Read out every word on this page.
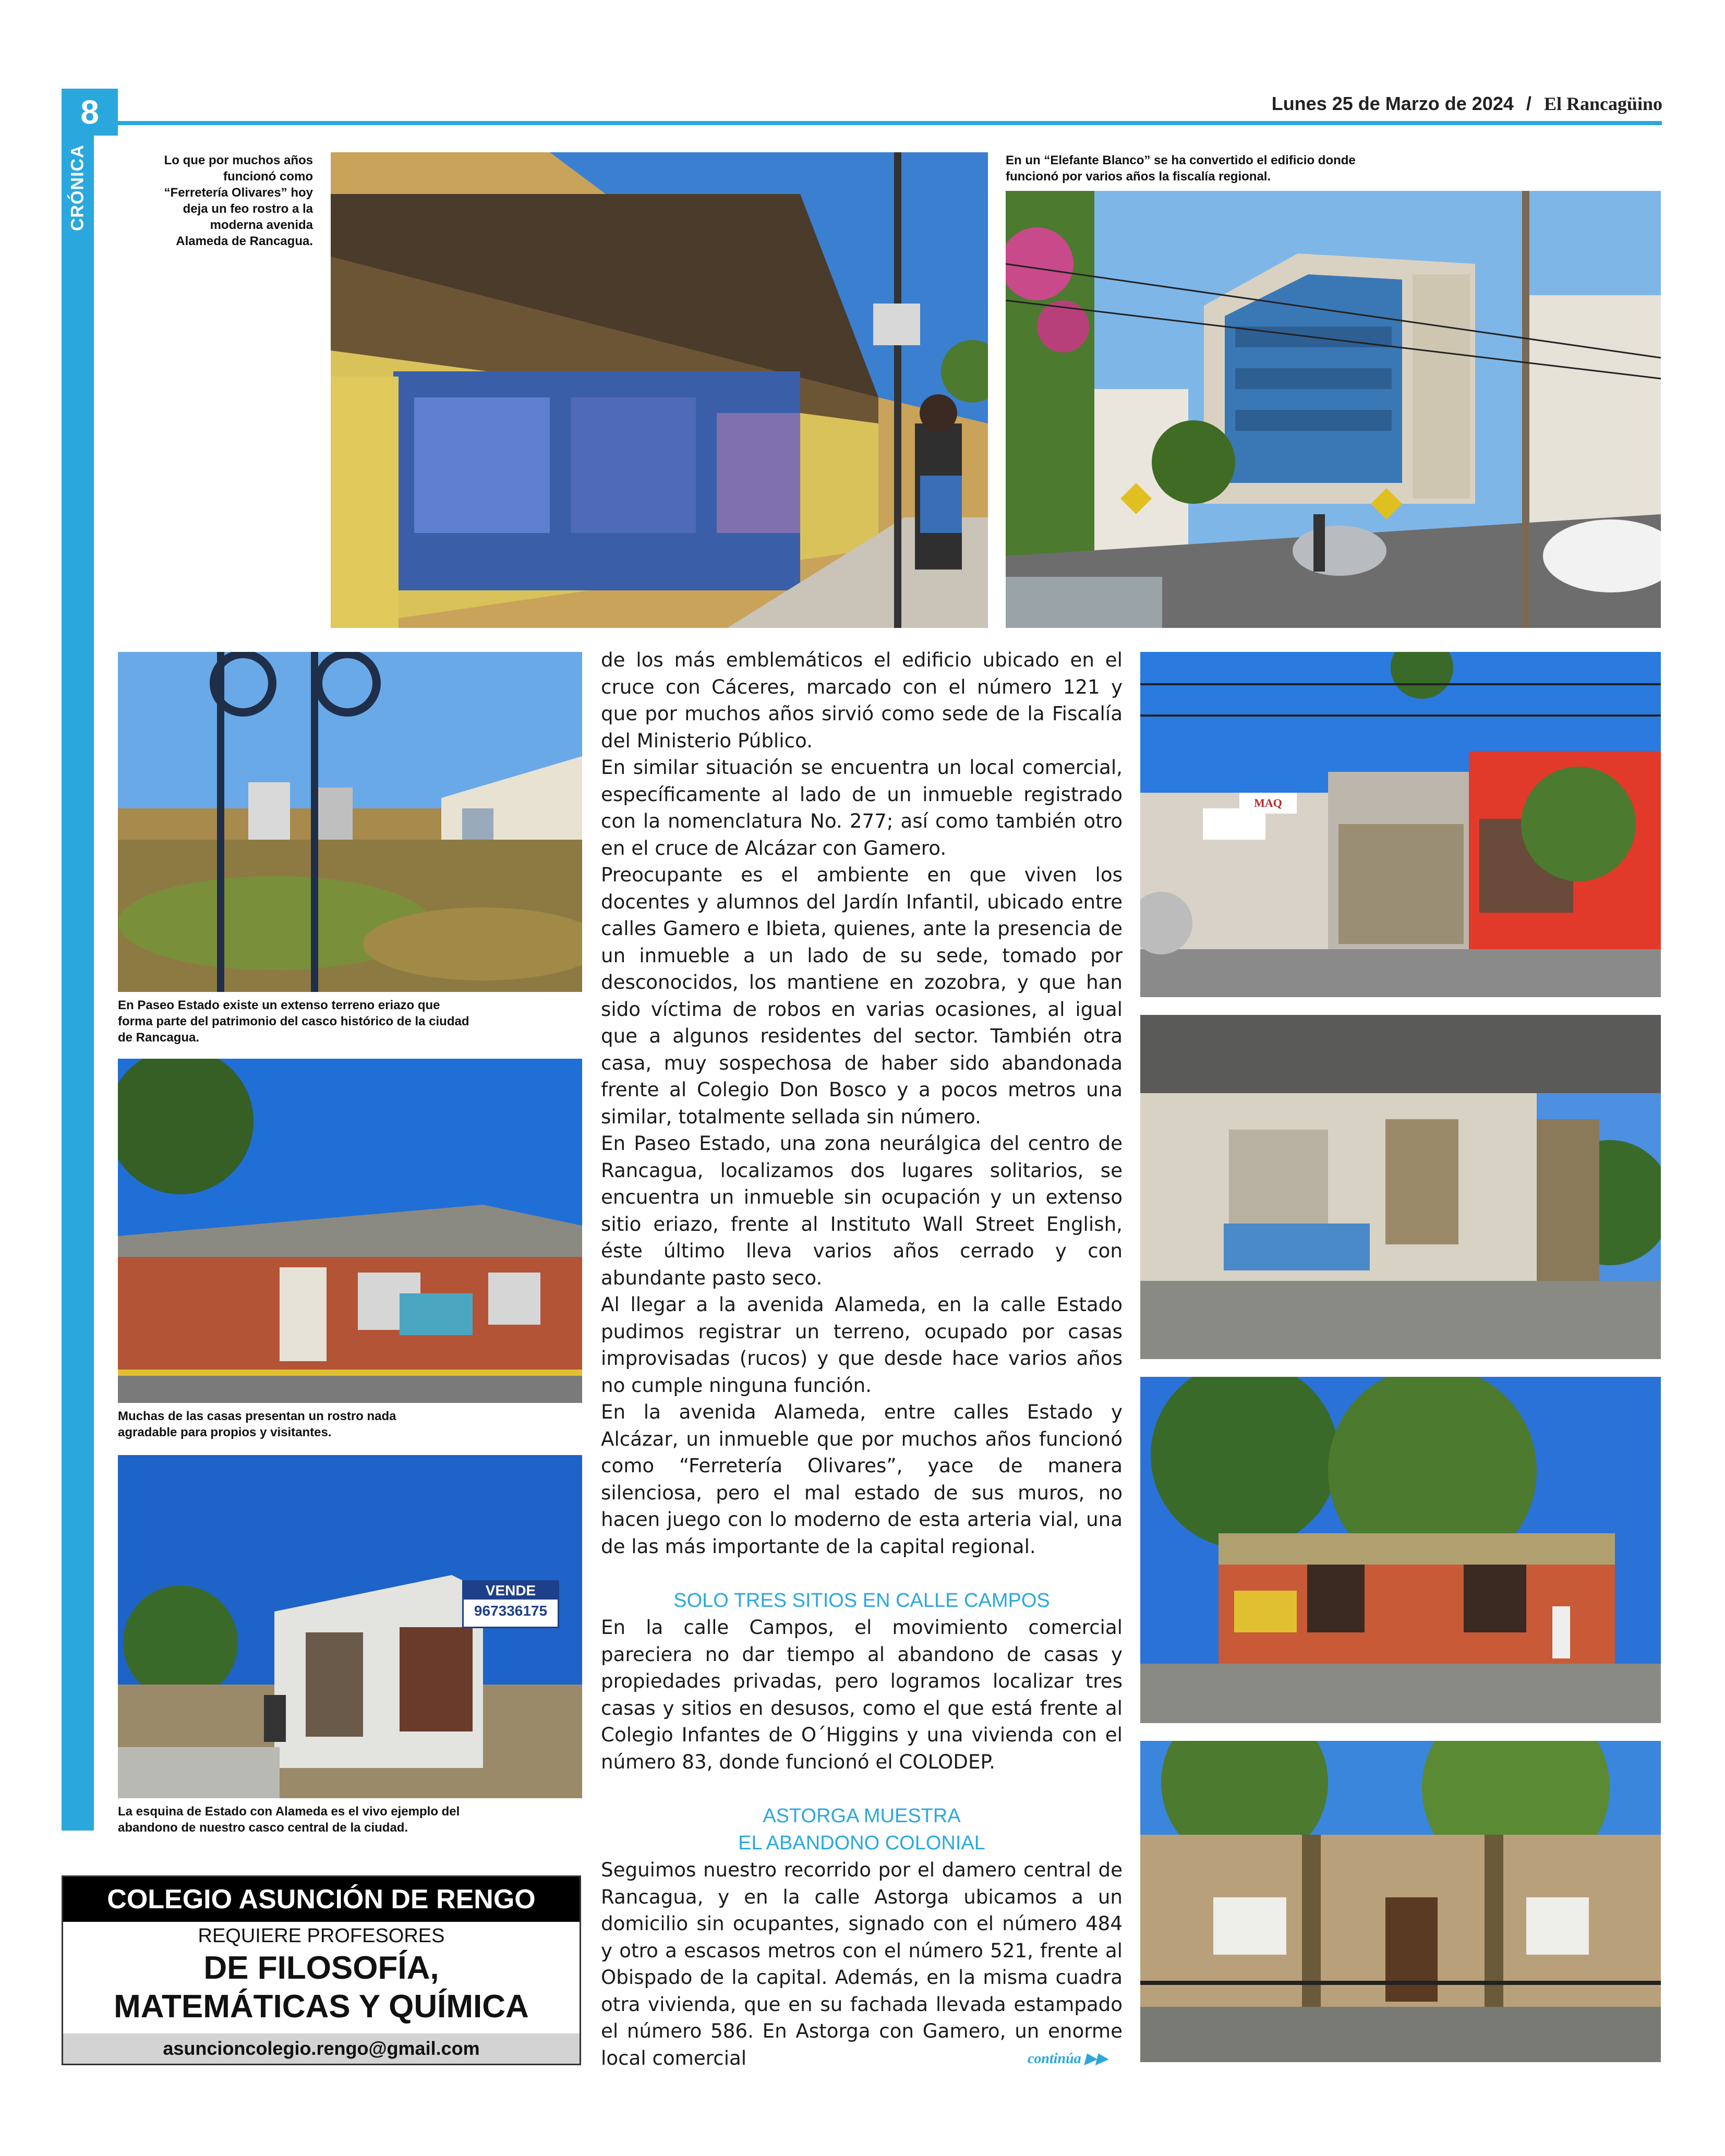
8
CRÓNICA
Lunes 25 de Marzo de 2024 / El Rancagüino
Lo que por muchos años funcionó como “Ferretería Olivares” hoy deja un feo rostro a la moderna avenida Alameda de Rancagua.
En un “Elefante Blanco” se ha convertido el edificio donde funcionó por varios años la fiscalía regional.
En Paseo Estado existe un extenso terreno eriazo que forma parte del patrimonio del casco histórico de la ciudad de Rancagua.
Muchas de las casas presentan un rostro nada agradable para propios y visitantes.
VENDE
967336175
La esquina de Estado con Alameda es el vivo ejemplo del abandono de nuestro casco central de la ciudad.
MAQ

de los más emblemáticos el edificio ubicado en el cruce con Cáceres, marcado con el número 121 y que por muchos años sirvió como sede de la Fiscalía del Ministerio Público.

En similar situación se encuentra un local comercial, específicamente al lado de un inmueble registrado con la nomenclatura No. 277; así como también otro en el cruce de Alcázar con Gamero.

Preocupante es el ambiente en que viven los docentes y alumnos del Jardín Infantil, ubicado entre calles Gamero e Ibieta, quienes, ante la presencia de un inmueble a un lado de su sede, tomado por desconocidos, los mantiene en zozobra, y que han sido víctima de robos en varias ocasiones, al igual que a algunos residentes del sector. También otra casa, muy sospechosa de haber sido abandonada frente al Colegio Don Bosco y a pocos metros una similar, totalmente sellada sin número.

En Paseo Estado, una zona neurálgica del centro de Rancagua, localizamos dos lugares solitarios, se encuentra un inmueble sin ocupación y un extenso sitio eriazo, frente al Instituto Wall Street English, éste último lleva varios años cerrado y con abundante pasto seco.

Al llegar a la avenida Alameda, en la calle Estado pudimos registrar un terreno, ocupado por casas improvisadas (rucos) y que desde hace varios años no cumple ninguna función.

En la avenida Alameda, entre calles Estado y Alcázar, un inmueble que por muchos años funcionó como “Ferretería Olivares”, yace de manera silenciosa, pero el mal estado de sus muros, no hacen juego con lo moderno de esta arteria vial, una de las más importante de la capital regional.

SOLO TRES SITIOS EN CALLE CAMPOS

En la calle Campos, el movimiento comercial pareciera no dar tiempo al abandono de casas y propiedades privadas, pero logramos localizar tres casas y sitios en desusos, como el que está frente al Colegio Infantes de O´Higgins y una vivienda con el número 83, donde funcionó el COLODEP.

ASTORGA MUESTRA

EL ABANDONO COLONIAL

Seguimos nuestro recorrido por el damero central de Rancagua, y en la calle Astorga ubicamos a un domicilio sin ocupantes, signado con el número 484 y otro a escasos metros con el número 521, frente al Obispado de la capital. Además, en la misma cuadra otra vivienda, que en su fachada llevada estampado el número 586. En Astorga con Gamero, un enorme local comercial	continúa ▶▶
COLEGIO ASUNCIÓN DE RENGO
REQUIERE PROFESORES
DE FILOSOFÍA,
MATEMÁTICAS Y QUÍMICA
asuncioncolegio.rengo@gmail.com
